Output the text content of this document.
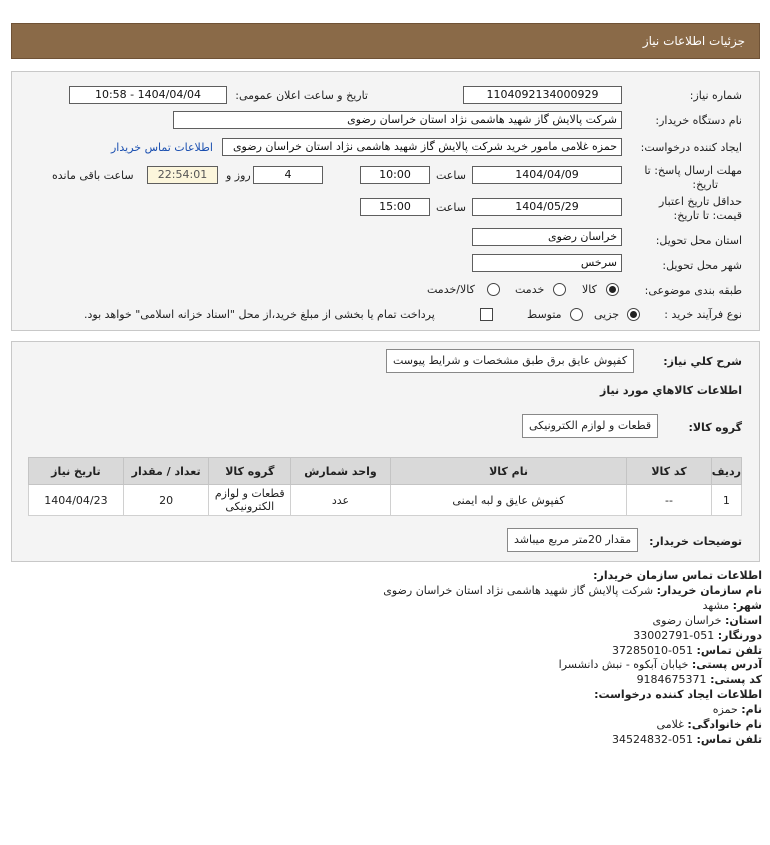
جزئیات اطلاعات نیاز
شماره نیاز:
1104092134000929
تاریخ و ساعت اعلان عمومی:
1404/04/04 - 10:58
نام دستگاه خریدار:
شرکت پالایش گاز شهید هاشمی نژاد استان خراسان رضوی
ایجاد کننده درخواست:
حمزه غلامی مامور خرید شرکت پالایش گاز شهید هاشمی نژاد استان خراسان رضوی
اطلاعات تماس خریدار
مهلت ارسال پاسخ: تا
تاریخ:
1404/04/09
ساعت
10:00
4
روز و
22:54:01
ساعت باقی مانده
حداقل تاریخ اعتبار
قیمت: تا تاریخ:
1404/05/29
ساعت
15:00
استان محل تحویل:
خراسان رضوی
شهر محل تحویل:
سرخس
طبقه بندی موضوعی:
کالا
خدمت
کالا/خدمت
نوع فرآیند خرید :
جزیی
متوسط
پرداخت تمام یا بخشی از مبلغ خرید،از محل "اسناد خزانه اسلامی" خواهد بود.
شرح كلي نياز:
کفپوش عایق برق طبق مشخصات و شرایط پیوست
اطلاعات كالاهاي مورد نياز
گروه کالا:
قطعات و لوازم الکترونیکی
ردیف	کد کالا	نام کالا	واحد شمارش	گروه کالا	تعداد / مقدار	تاریخ نیاز
1	--	کفپوش عایق و لبه ایمنی	عدد	قطعات و لوازم الکترونیکی	20	1404/04/23
توضیحات خریدار:
مقدار 20متر مربع میباشد
اطلاعات تماس سازمان خریدار:
نام سازمان خریدار: شرکت پالایش گاز شهید هاشمی نژاد استان خراسان رضوی
شهر: مشهد
استان: خراسان رضوی
دورنگار: 051-33002791
تلفن تماس: 051-37285010
آدرس پستی: خیابان آبکوه - نبش دانشسرا
کد پستی: 9184675371
اطلاعات ایجاد کننده درخواست:
نام: حمزه
نام خانوادگی: غلامی
تلفن تماس: 051-34524832
